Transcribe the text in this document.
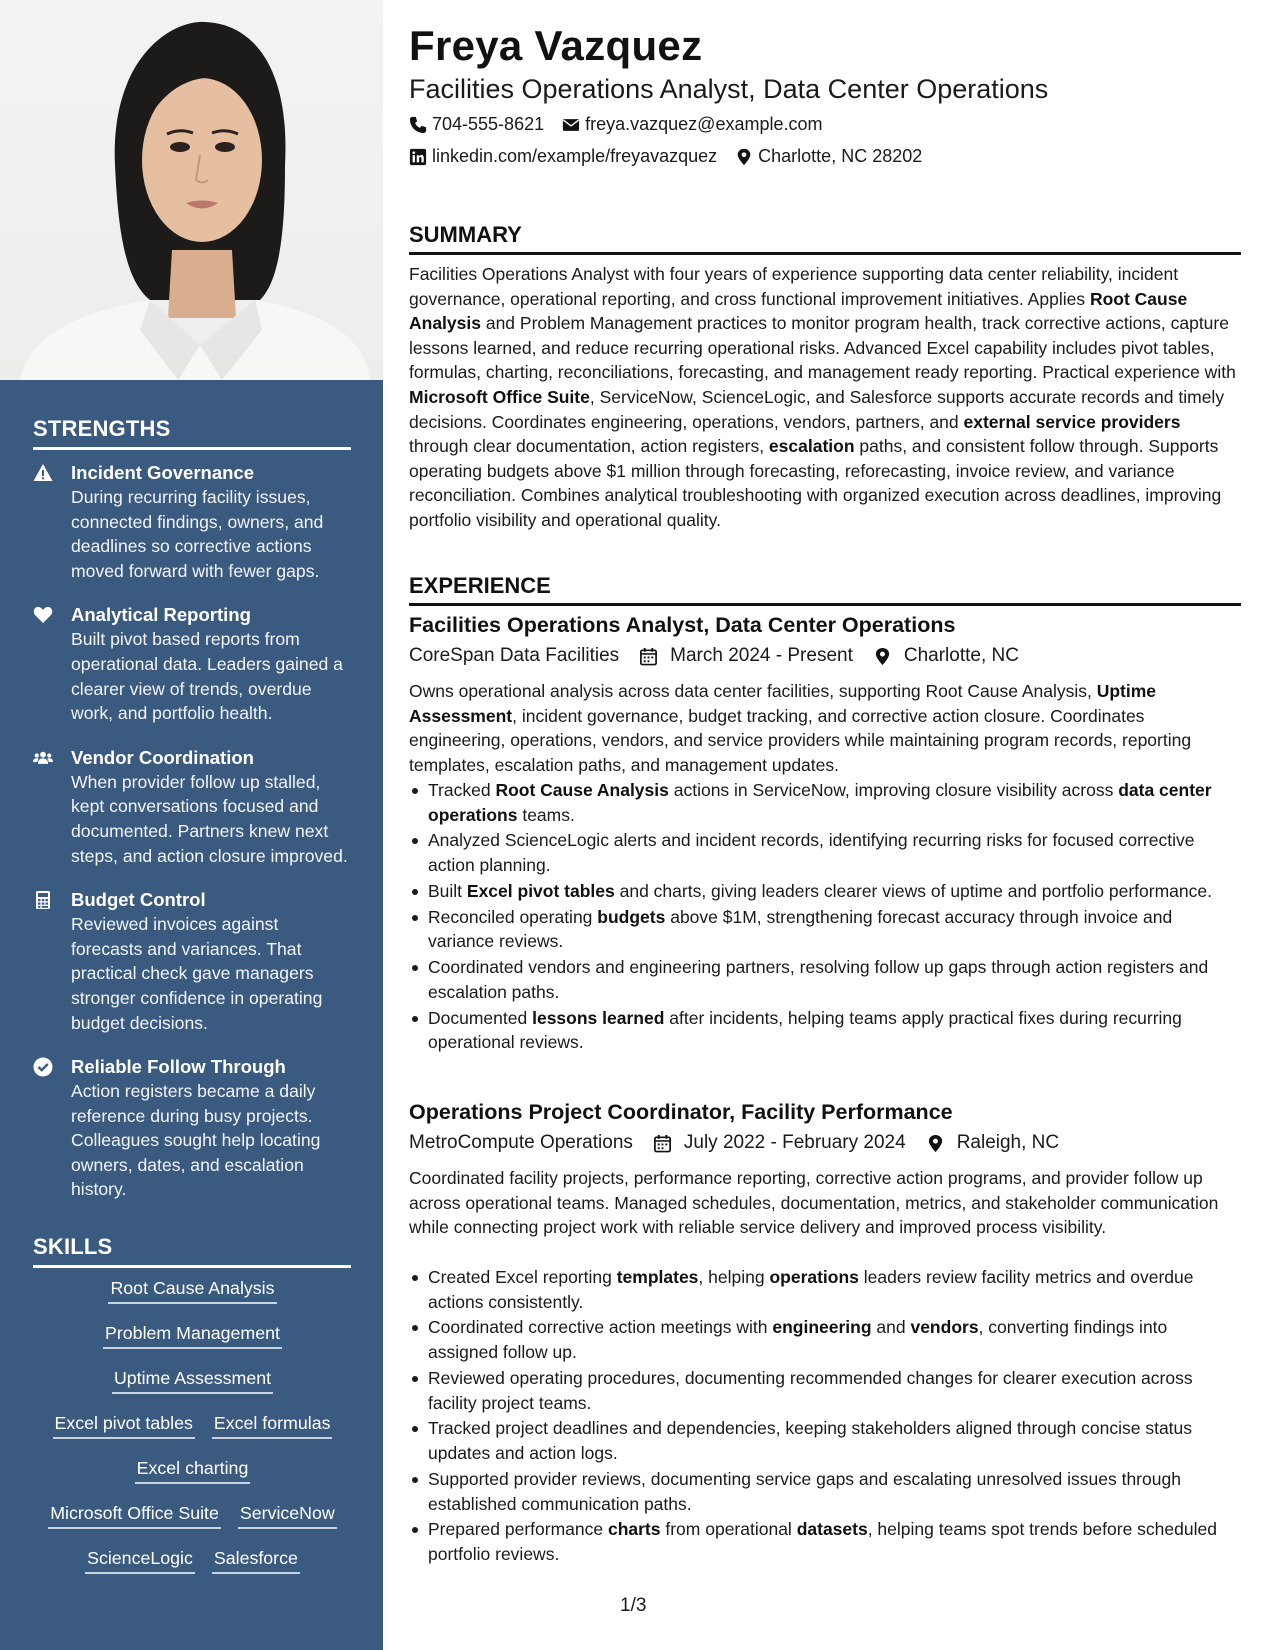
STRENGTHS
Incident Governance
During recurring facility issues, connected findings, owners, and deadlines so corrective actions moved forward with fewer gaps.
Analytical Reporting
Built pivot based reports from operational data. Leaders gained a clearer view of trends, overdue work, and portfolio health.
Vendor Coordination
When provider follow up stalled, kept conversations focused and documented. Partners knew next steps, and action closure improved.
Budget Control
Reviewed invoices against forecasts and variances. That practical check gave managers stronger confidence in operating budget decisions.
Reliable Follow Through
Action registers became a daily reference during busy projects. Colleagues sought help locating owners, dates, and escalation history.
SKILLS
Root Cause Analysis
Problem Management
Uptime Assessment
Excel pivot tables Excel formulas
Excel charting
Microsoft Office Suite ServiceNow
ScienceLogic Salesforce
Freya Vazquez
Facilities Operations Analyst, Data Center Operations
704-555-8621 freya.vazquez@example.com
linkedin.com/example/freyavazquez Charlotte, NC 28202
SUMMARY
Facilities Operations Analyst with four years of experience supporting data center reliability, incident governance, operational reporting, and cross functional improvement initiatives. Applies Root Cause Analysis and Problem Management practices to monitor program health, track corrective actions, capture lessons learned, and reduce recurring operational risks. Advanced Excel capability includes pivot tables, formulas, charting, reconciliations, forecasting, and management ready reporting. Practical experience with Microsoft Office Suite, ServiceNow, ScienceLogic, and Salesforce supports accurate records and timely decisions. Coordinates engineering, operations, vendors, partners, and external service providers through clear documentation, action registers, escalation paths, and consistent follow through. Supports operating budgets above $1 million through forecasting, reforecasting, invoice review, and variance reconciliation. Combines analytical troubleshooting with organized execution across deadlines, improving portfolio visibility and operational quality.
EXPERIENCE
Facilities Operations Analyst, Data Center Operations
CoreSpan Data Facilities	March 2024 - Present	Charlotte, NC
Owns operational analysis across data center facilities, supporting Root Cause Analysis, Uptime Assessment, incident governance, budget tracking, and corrective action closure. Coordinates engineering, operations, vendors, and service providers while maintaining program records, reporting templates, escalation paths, and management updates.
Tracked Root Cause Analysis actions in ServiceNow, improving closure visibility across data center operations teams.
Analyzed ScienceLogic alerts and incident records, identifying recurring risks for focused corrective action planning.
Built Excel pivot tables and charts, giving leaders clearer views of uptime and portfolio performance.
Reconciled operating budgets above $1M, strengthening forecast accuracy through invoice and variance reviews.
Coordinated vendors and engineering partners, resolving follow up gaps through action registers and escalation paths.
Documented lessons learned after incidents, helping teams apply practical fixes during recurring operational reviews.
Operations Project Coordinator, Facility Performance
MetroCompute Operations	July 2022 - February 2024	Raleigh, NC
Coordinated facility projects, performance reporting, corrective action programs, and provider follow up across operational teams. Managed schedules, documentation, metrics, and stakeholder communication while connecting project work with reliable service delivery and improved process visibility.
Created Excel reporting templates, helping operations leaders review facility metrics and overdue actions consistently.
Coordinated corrective action meetings with engineering and vendors, converting findings into assigned follow up.
Reviewed operating procedures, documenting recommended changes for clearer execution across facility project teams.
Tracked project deadlines and dependencies, keeping stakeholders aligned through concise status updates and action logs.
Supported provider reviews, documenting service gaps and escalating unresolved issues through established communication paths.
Prepared performance charts from operational datasets, helping teams spot trends before scheduled portfolio reviews.
1/3
